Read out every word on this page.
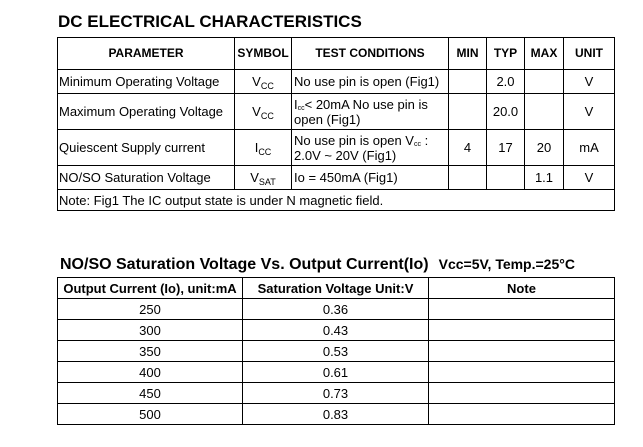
DC ELECTRICAL CHARACTERISTICS
PARAMETER	SYMBOL	TEST CONDITIONS	MIN	TYP	MAX	UNIT
Minimum Operating Voltage	$V_{CC}$	No use pin is open (Fig1)		2.0		V
Maximum Operating Voltage	$V_{CC}$	$I_{cc}< 20mA$ No use pin is
open (Fig1)		20.0		V
Quiescent Supply current	$I_{CC}$	No use pin is open $V_{cc}$ :
2.0V ~ 20V (Fig1)	4	17	20	mA
NO/SO Saturation Voltage	$V_{SAT}$	Io = 450mA (Fig1)			1.1	V
Note: Fig1 The IC output state is under N magnetic field.						
NO/SO Saturation Voltage Vs. Output Current(Io) Vcc=5V, Temp.=25°C
Output Current (Io), unit:mA	Saturation Voltage Unit:V	Note
250	0.36	
300	0.43	
350	0.53	
400	0.61	
450	0.73	
500	0.83	
